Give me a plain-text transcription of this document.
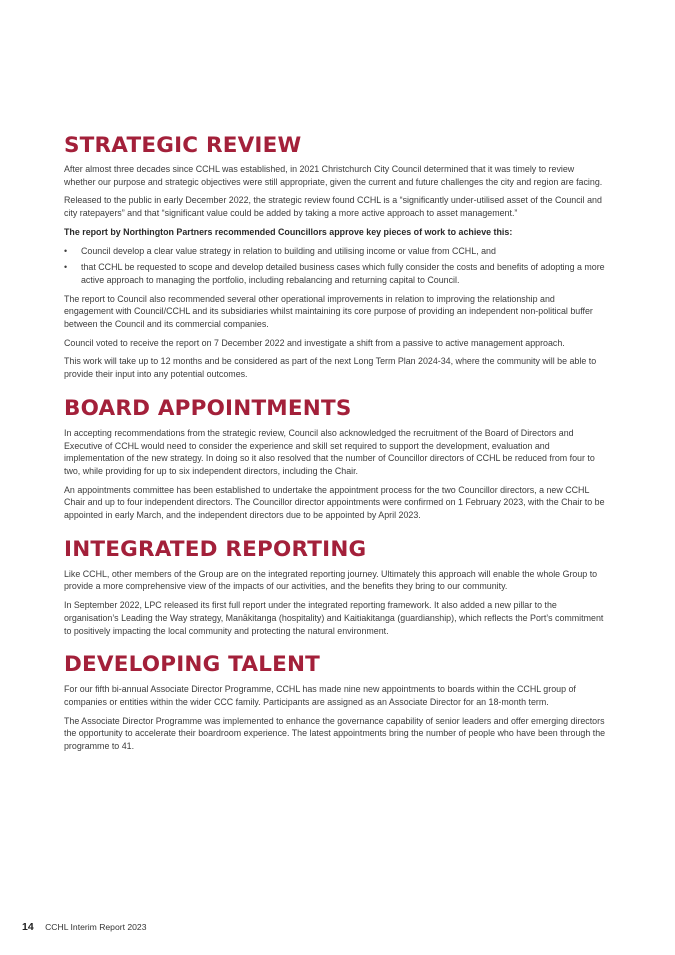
STRATEGIC REVIEW

After almost three decades since CCHL was established, in 2021 Christchurch City Council determined that it was timely to review whether our purpose and strategic objectives were still appropriate, given the current and future challenges the city and region are facing.

Released to the public in early December 2022, the strategic review found CCHL is a “significantly under-utilised asset of the Council and city ratepayers” and that “significant value could be added by taking a more active approach to asset management.”

The report by Northington Partners recommended Councillors approve key pieces of work to achieve this:

• Council develop a clear value strategy in relation to building and utilising income or value from CCHL, and
• that CCHL be requested to scope and develop detailed business cases which fully consider the costs and benefits of adopting a more active approach to managing the portfolio, including rebalancing and returning capital to Council.

The report to Council also recommended several other operational improvements in relation to improving the relationship and engagement with Council/CCHL and its subsidiaries whilst maintaining its core purpose of providing an independent non-political buffer between the Council and its commercial companies.

Council voted to receive the report on 7 December 2022 and investigate a shift from a passive to active management approach.

This work will take up to 12 months and be considered as part of the next Long Term Plan 2024-34, where the community will be able to provide their input into any potential outcomes.

BOARD APPOINTMENTS

In accepting recommendations from the strategic review, Council also acknowledged the recruitment of the Board of Directors and Executive of CCHL would need to consider the experience and skill set required to support the development, evaluation and implementation of the new strategy. In doing so it also resolved that the number of Councillor directors of CCHL be reduced from four to two, while providing for up to six independent directors, including the Chair.

An appointments committee has been established to undertake the appointment process for the two Councillor directors, a new CCHL Chair and up to four independent directors. The Councillor director appointments were confirmed on 1 February 2023, with the Chair to be appointed in early March, and the independent directors due to be appointed by April 2023.

INTEGRATED REPORTING

Like CCHL, other members of the Group are on the integrated reporting journey. Ultimately this approach will enable the whole Group to provide a more comprehensive view of the impacts of our activities, and the benefits they bring to our community.

In September 2022, LPC released its first full report under the integrated reporting framework. It also added a new pillar to the organisation’s Leading the Way strategy, Manākitanga (hospitality) and Kaitiakitanga (guardianship), which reflects the Port’s commitment to positively impacting the local community and protecting the natural environment.

DEVELOPING TALENT

For our fifth bi-annual Associate Director Programme, CCHL has made nine new appointments to boards within the CCHL group of companies or entities within the wider CCC family. Participants are assigned as an Associate Director for an 18-month term.

The Associate Director Programme was implemented to enhance the governance capability of senior leaders and offer emerging directors the opportunity to accelerate their boardroom experience. The latest appointments bring the number of people who have been through the programme to 41.

14 CCHL Interim Report 2023
